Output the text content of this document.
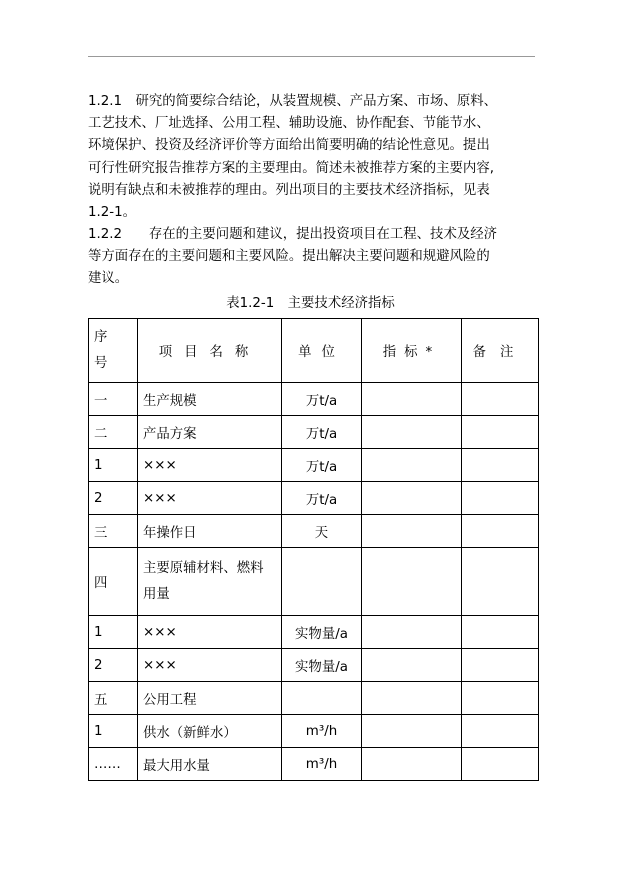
1.2.1　研究的简要综合结论，从装置规模、产品方案、市场、原料、
工艺技术、厂址选择、公用工程、辅助设施、协作配套、节能节水、
环境保护、投资及经济评价等方面给出简要明确的结论性意见。提出
可行性研究报告推荐方案的主要理由。简述未被推荐方案的主要内容,
说明有缺点和未被推荐的理由。列出项目的主要技术经济指标，见表
1.2-1。
1.2.2　　存在的主要问题和建议，提出投资项目在工程、技术及经济
等方面存在的主要问题和主要风险。提出解决主要问题和规避风险的
建议。
表1.2-1　主要技术经济指标
序
号	项目名称	单位	指标*	备注
一	生产规模	万t/a		
二	产品方案	万t/a		
1	×××	万t/a		
2	×××	万t/a		
三	年操作日	天		
四	主要原辅材料、燃料
用量			
1	×××	实物量/a		
2	×××	实物量/a		
五	公用工程			
1	供水（新鲜水）	m³/h		
……	最大用水量	m³/h		
